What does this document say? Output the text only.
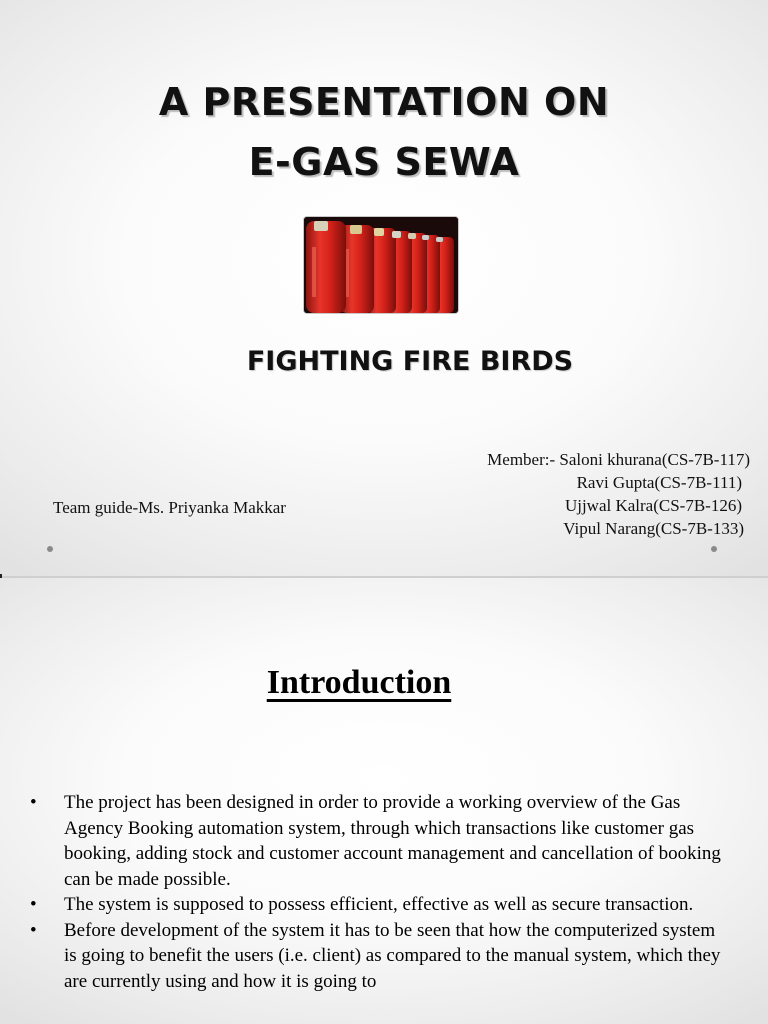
A PRESENTATION ON
E-GAS SEWA
FIGHTING FIRE BIRDS
Member:- Saloni khurana(CS-7B-117)
Ravi Gupta(CS-7B-111)
Ujjwal Kalra(CS-7B-126)
Vipul Narang(CS-7B-133)
Team guide-Ms. Priyanka Makkar
Introduction
• The project has been designed in order to provide a working overview of the Gas Agency Booking automation system, through which transactions like customer gas booking, adding stock and customer account management and cancellation of booking can be made possible.
• The system is supposed to possess efficient, effective as well as secure transaction.
• Before development of the system it has to be seen that how the computerized system is going to benefit the users (i.e. client) as compared to the manual system, which they are currently using and how it is going to
